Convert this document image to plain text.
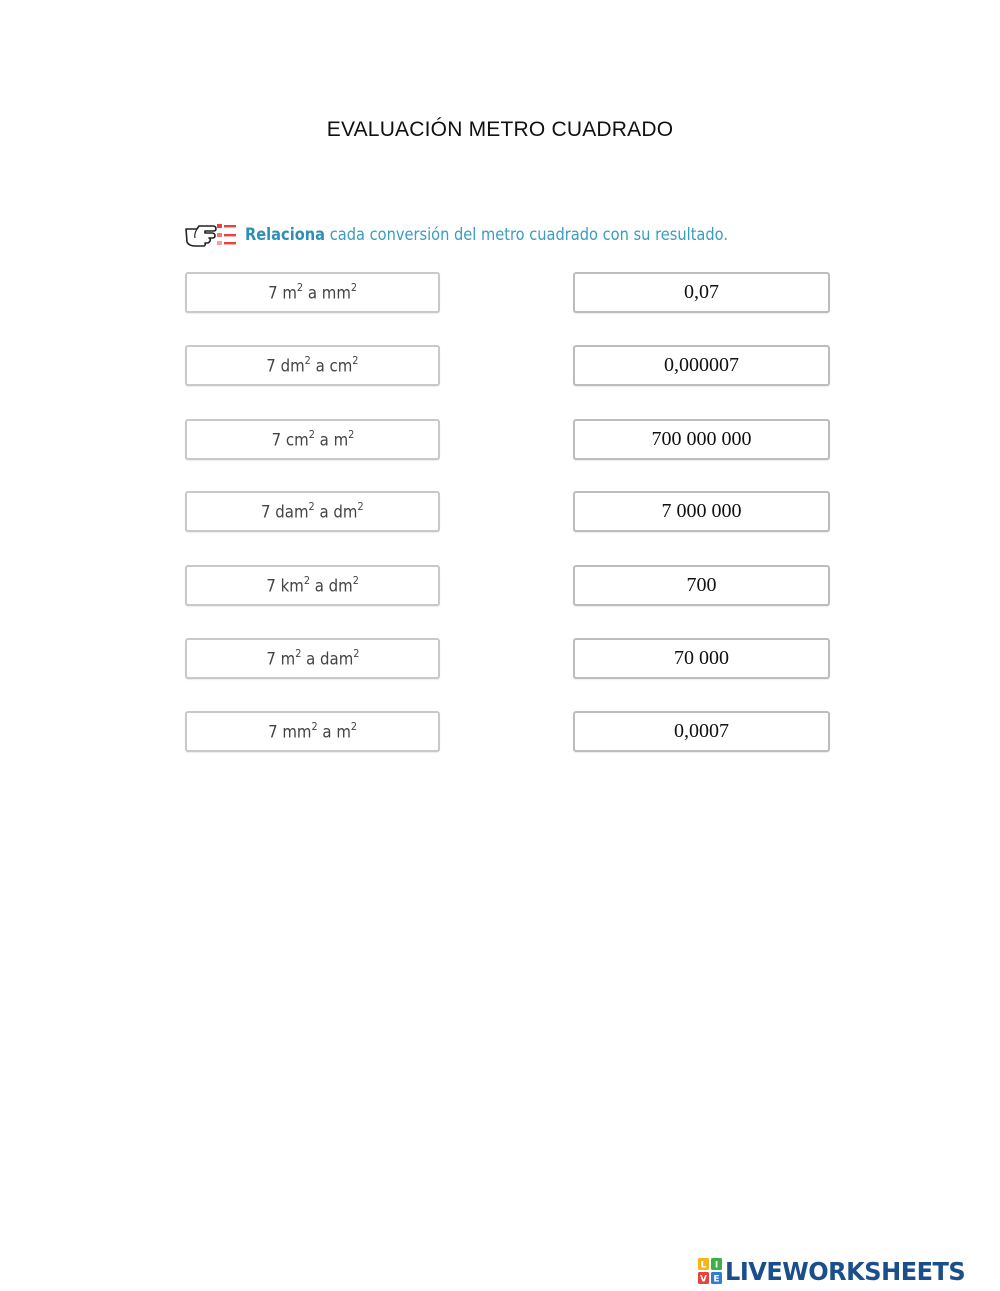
EVALUACIÓN METRO CUADRADO
Relaciona cada conversión del metro cuadrado con su resultado.
7 $m^2$ a $mm^2$
7 $dm^2$ a $cm^2$
7 $cm^2$ a $m^2$
7 dam$^2$ a $dm^2$
7 $km^2$ a $dm^2$
7 $m^2$ a dam$^2$
7 $mm^2$ a $m^2$
0,07
0,000007
700 000 000
7 000 000
700
70 000
0,0007
L I
V E LIVEWORKSHEETS
